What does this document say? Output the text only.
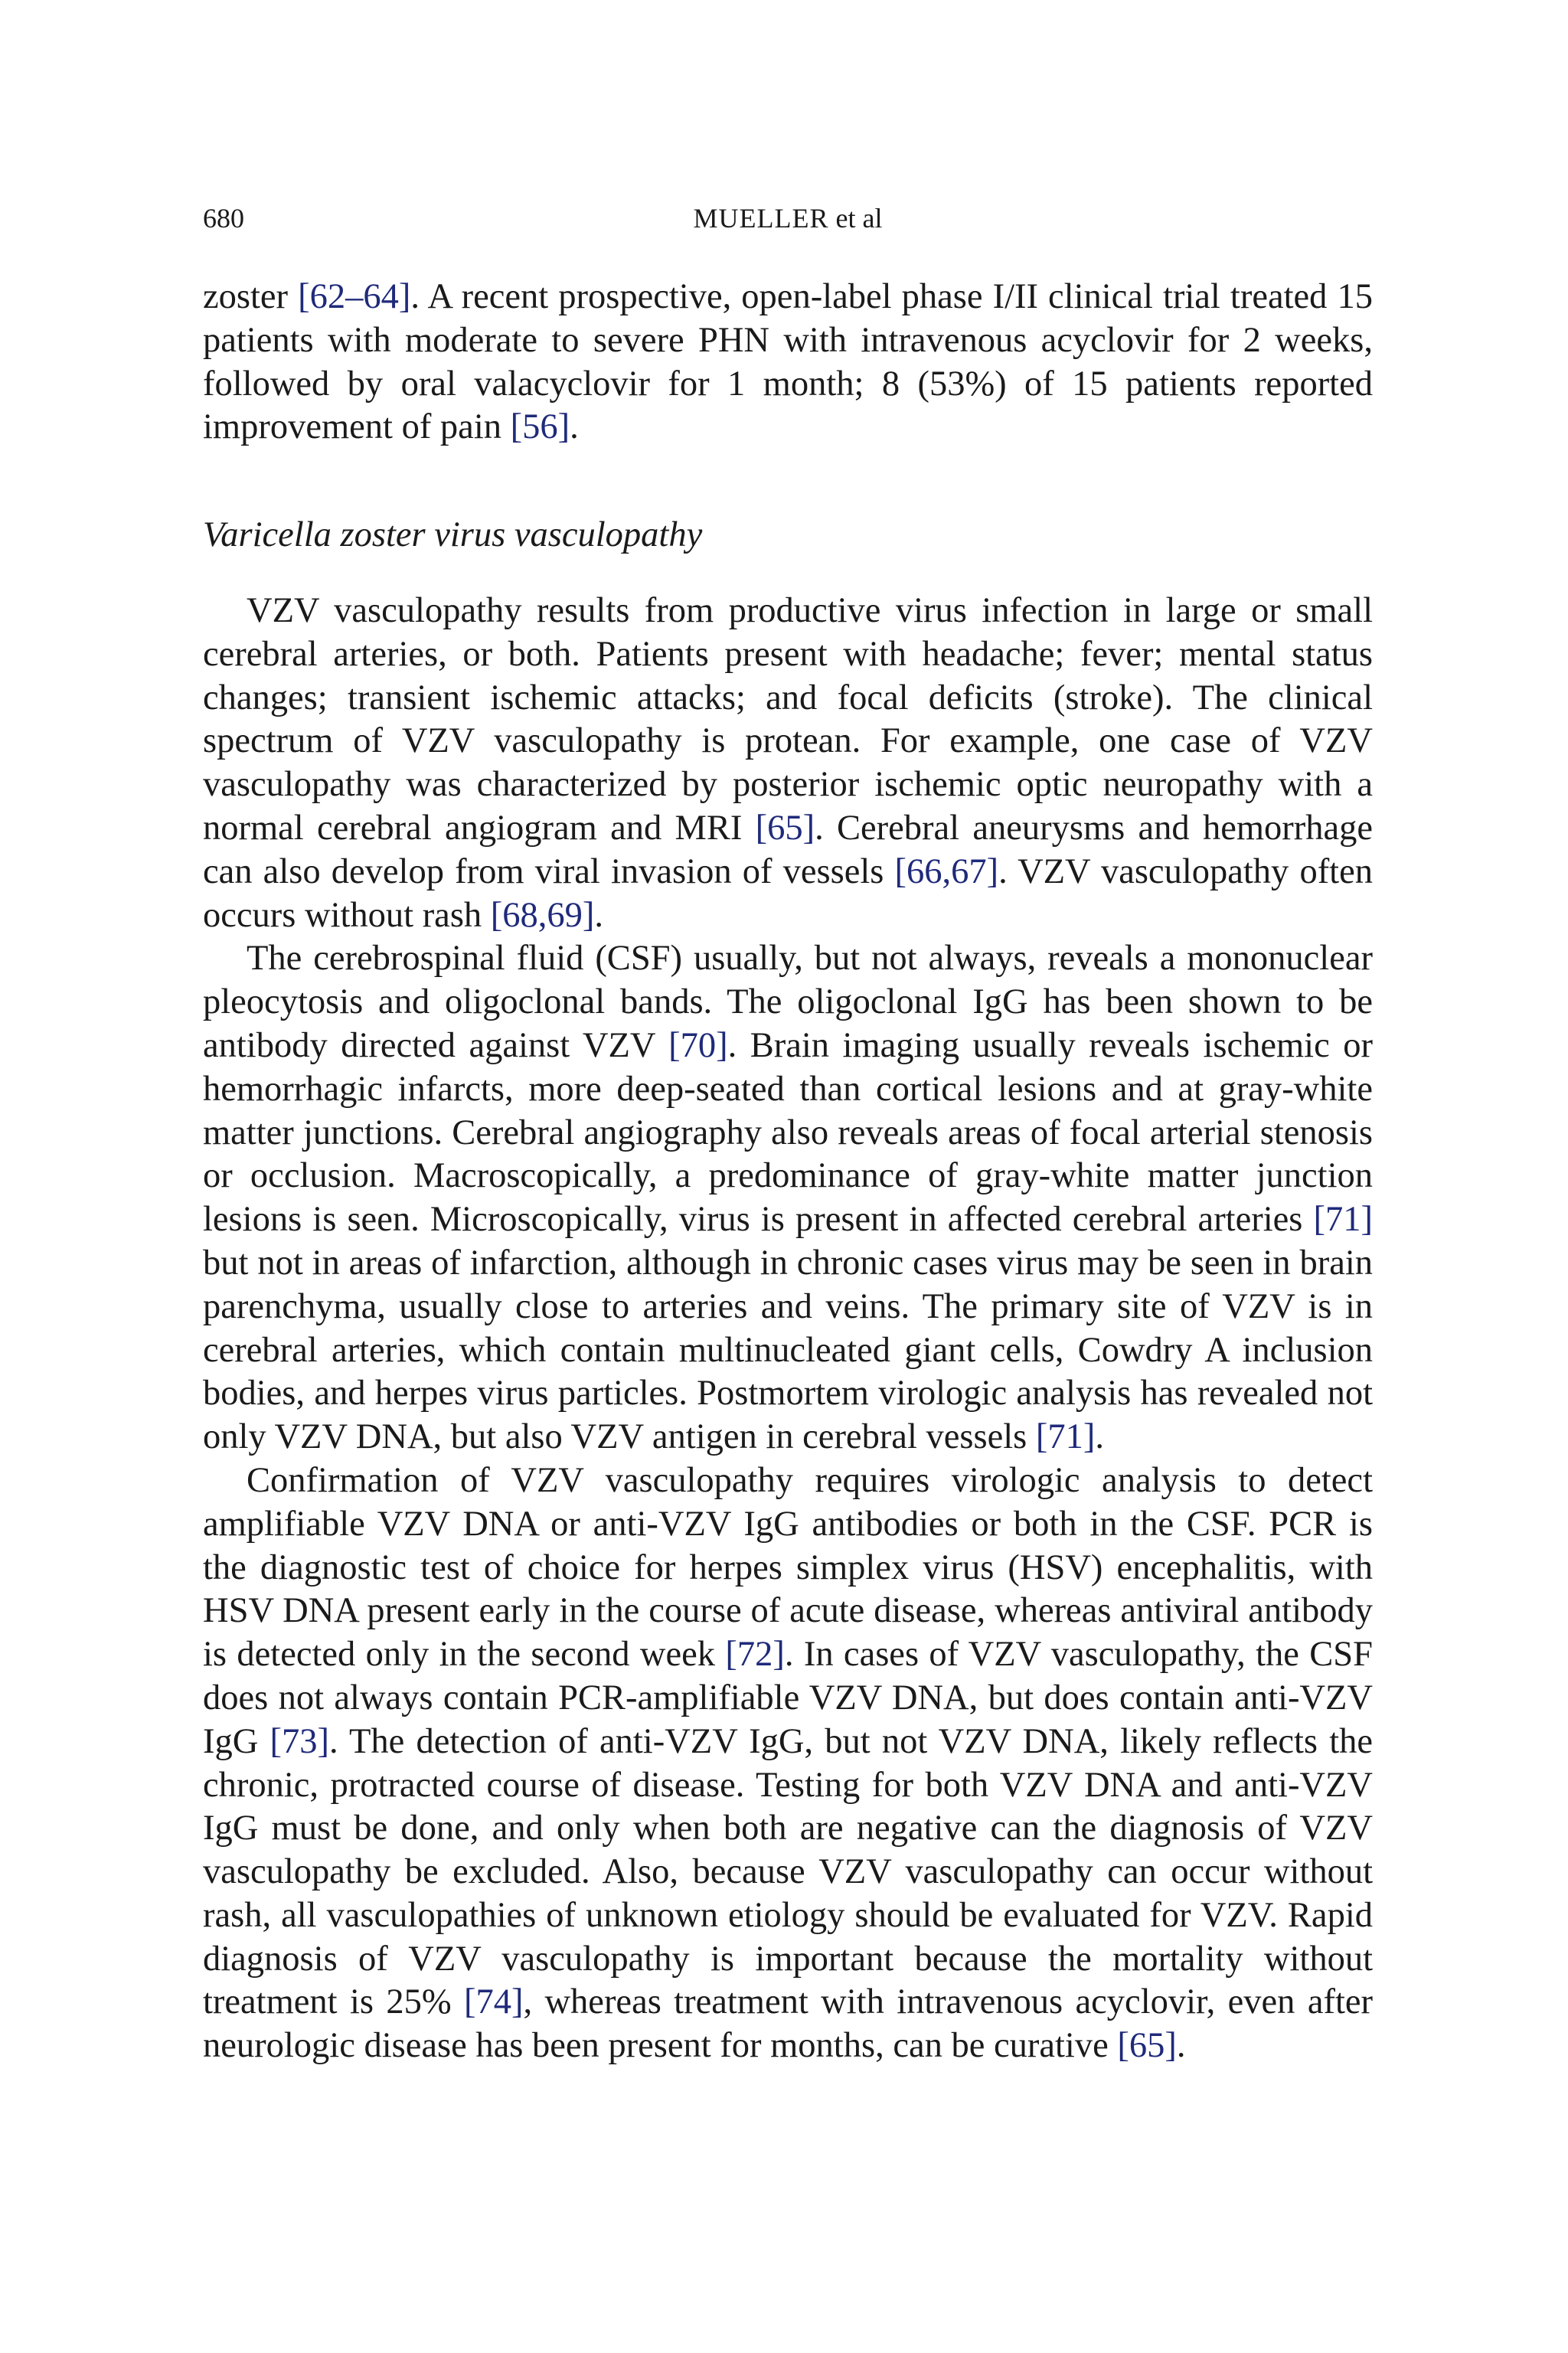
680	MUELLER et al

zoster [62–64]. A recent prospective, open-label phase I/II clinical trial treated 15 patients with moderate to severe PHN with intravenous acyclovir for 2 weeks, followed by oral valacyclovir for 1 month; 8 (53%) of 15 patients reported improvement of pain [56].

Varicella zoster virus vasculopathy

VZV vasculopathy results from productive virus infection in large or small cerebral arteries, or both. Patients present with headache; fever; mental status changes; transient ischemic attacks; and focal deficits (stroke). The clinical spectrum of VZV vasculopathy is protean. For example, one case of VZV vasculopathy was characterized by posterior ischemic optic neuropathy with a normal cerebral angiogram and MRI [65]. Cerebral aneurysms and hemorrhage can also develop from viral invasion of vessels [66,67]. VZV vasculopathy often occurs without rash [68,69].

The cerebrospinal fluid (CSF) usually, but not always, reveals a mononuclear pleocytosis and oligoclonal bands. The oligoclonal IgG has been shown to be antibody directed against VZV [70]. Brain imaging usually reveals ischemic or hemorrhagic infarcts, more deep-seated than cortical lesions and at gray-white matter junctions. Cerebral angiography also reveals areas of focal arterial stenosis or occlusion. Macroscopically, a predominance of gray-white matter junction lesions is seen. Microscopically, virus is present in affected cerebral arteries [71] but not in areas of infarction, although in chronic cases virus may be seen in brain parenchyma, usually close to arteries and veins. The primary site of VZV is in cerebral arteries, which contain multinucleated giant cells, Cowdry A inclusion bodies, and herpes virus particles. Postmortem virologic analysis has revealed not only VZV DNA, but also VZV antigen in cerebral vessels [71].

Confirmation of VZV vasculopathy requires virologic analysis to detect amplifiable VZV DNA or anti-VZV IgG antibodies or both in the CSF. PCR is the diagnostic test of choice for herpes simplex virus (HSV) encephalitis, with HSV DNA present early in the course of acute disease, whereas antiviral antibody is detected only in the second week [72]. In cases of VZV vasculopathy, the CSF does not always contain PCR-amplifiable VZV DNA, but does contain anti-VZV IgG [73]. The detection of anti-VZV IgG, but not VZV DNA, likely reflects the chronic, protracted course of disease. Testing for both VZV DNA and anti-VZV IgG must be done, and only when both are negative can the diagnosis of VZV vasculopathy be excluded. Also, because VZV vasculopathy can occur without rash, all vasculopathies of unknown etiology should be evaluated for VZV. Rapid diagnosis of VZV vasculopathy is important because the mortality without treatment is 25% [74], whereas treatment with intravenous acyclovir, even after neurologic disease has been present for months, can be curative [65].
